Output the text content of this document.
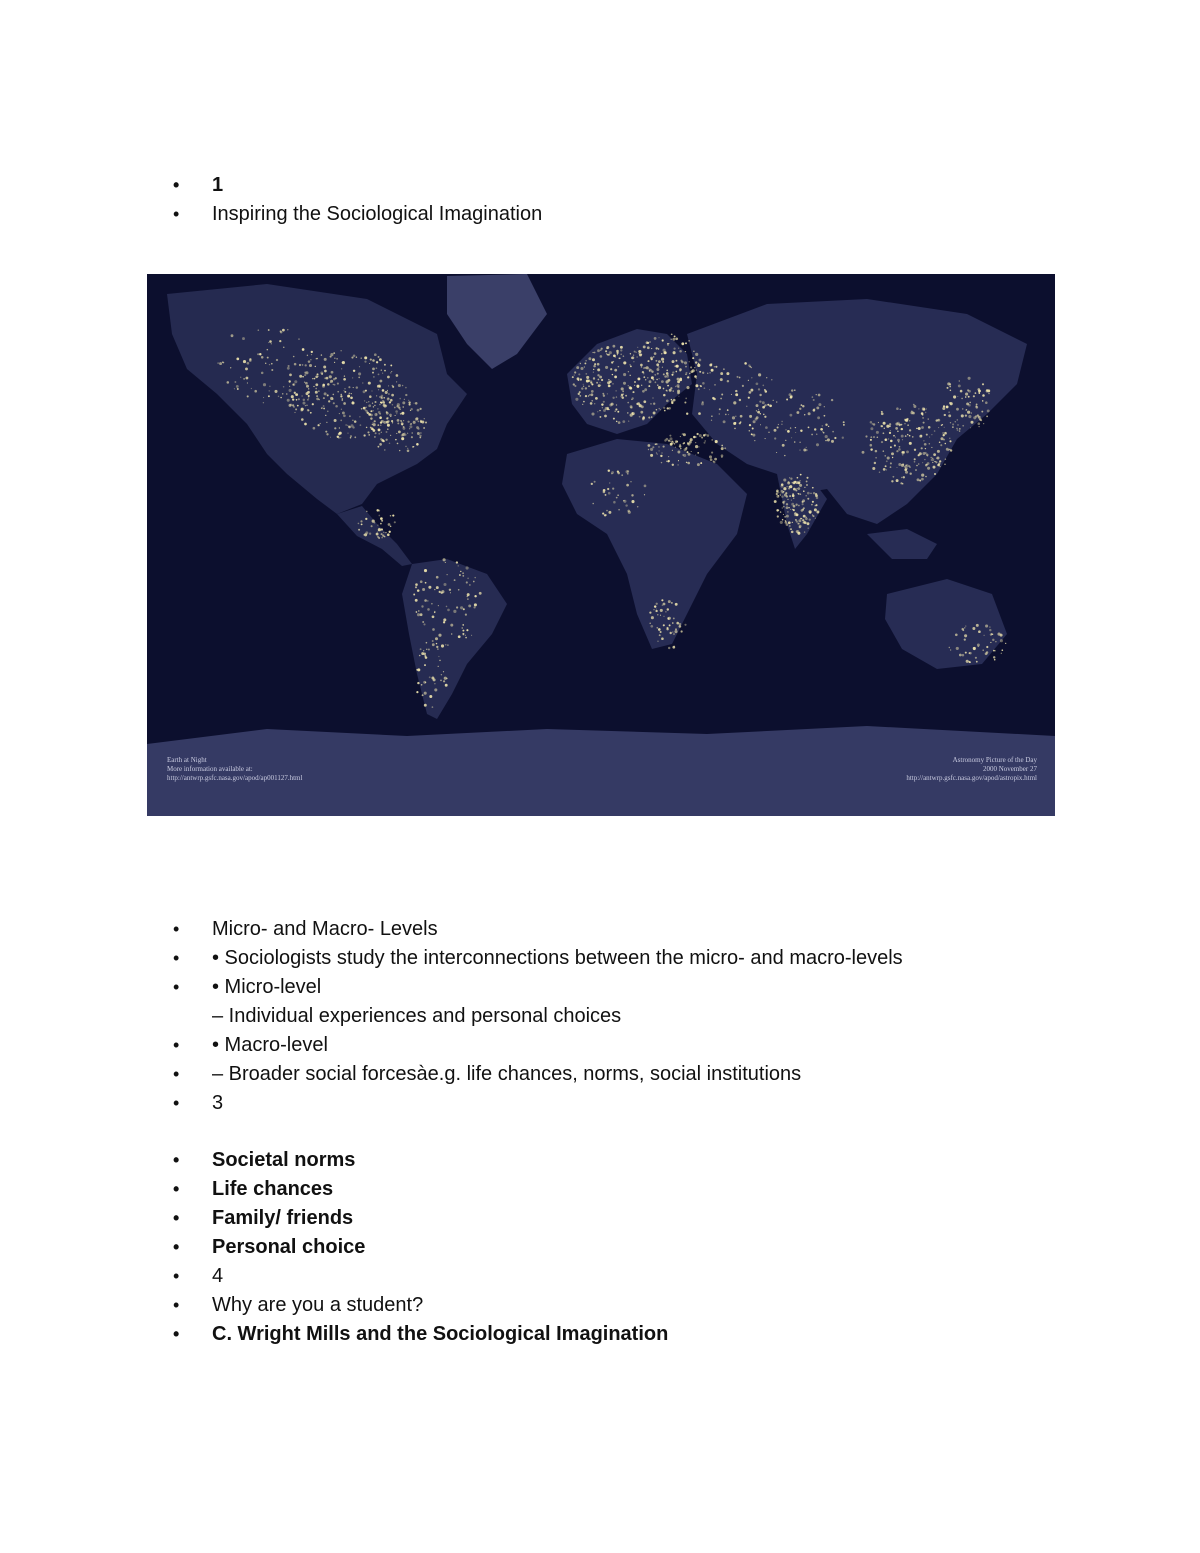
• 1
• Inspiring the Sociological Imagination
Earth at Night
More information available at:
http://antwrp.gsfc.nasa.gov/apod/ap001127.html
Astronomy Picture of the Day
2000 November 27
http://antwrp.gsfc.nasa.gov/apod/astropix.html
• Micro- and Macro- Levels
• • Sociologists study the interconnections between the micro- and macro-levels
• • Micro-level
– Individual experiences and personal choices
• • Macro-level
• – Broader social forcesàe.g. life chances, norms, social institutions
• 3
• Societal norms
• Life chances
• Family/ friends
• Personal choice
• 4
• Why are you a student?
• C. Wright Mills and the Sociological Imagination
